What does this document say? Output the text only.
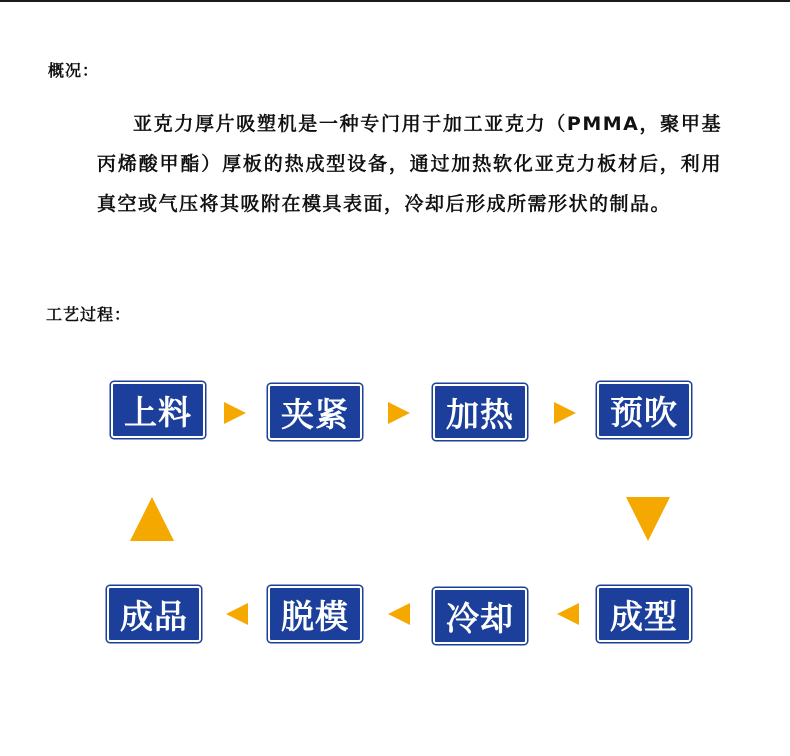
概况：
亚克力厚片吸塑机是一种专门用于加工亚克力（PMMA，聚甲基丙烯酸甲酯）厚板的热成型设备，通过加热软化亚克力板材后，利用真空或气压将其吸附在模具表面，冷却后形成所需形状的制品。
工艺过程：
上料	夹紧	加热	预吹
成型
冷却
脱模
成品
